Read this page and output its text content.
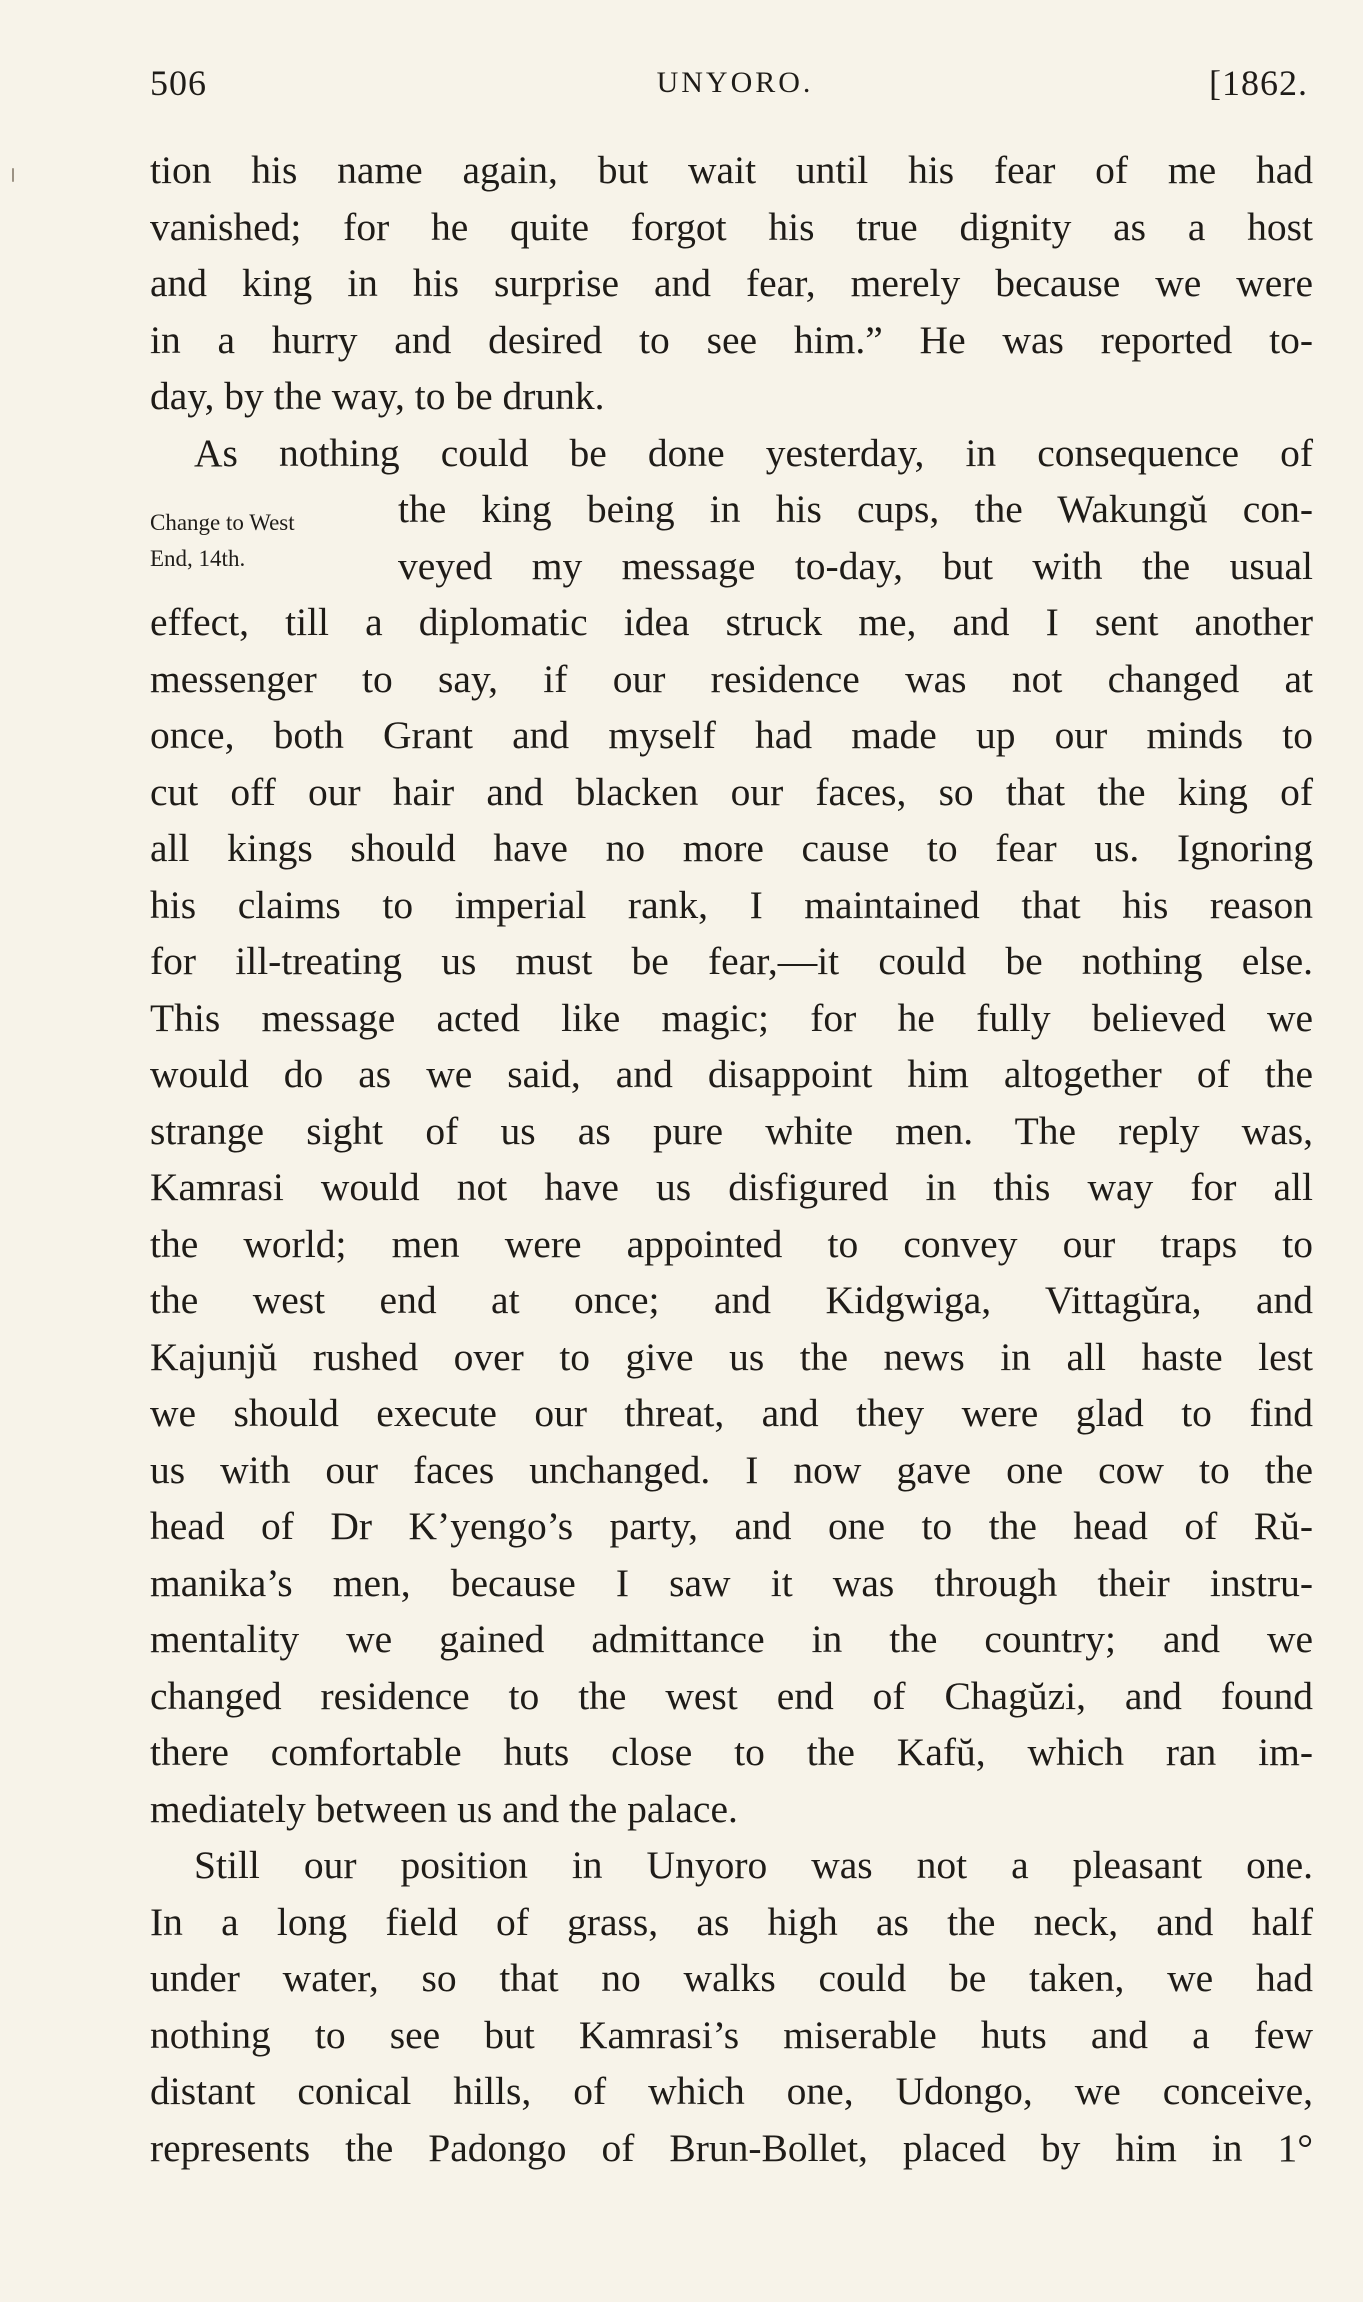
506	UNYORO.	[1862.
Change to West
End, 14th.
tion his name again, but wait until his fear of me had
vanished; for he quite forgot his true dignity as a host
and king in his surprise and fear, merely because we were
in a hurry and desired to see him.” He was reported to-
day, by the way, to be drunk.
As nothing could be done yesterday, in consequence of
the king being in his cups, the Wakungŭ con-
veyed my message to-day, but with the usual
effect, till a diplomatic idea struck me, and I sent another
messenger to say, if our residence was not changed at
once, both Grant and myself had made up our minds to
cut off our hair and blacken our faces, so that the king of
all kings should have no more cause to fear us. Ignoring
his claims to imperial rank, I maintained that his reason
for ill-treating us must be fear,—it could be nothing else.
This message acted like magic; for he fully believed we
would do as we said, and disappoint him altogether of the
strange sight of us as pure white men. The reply was,
Kamrasi would not have us disfigured in this way for all
the world; men were appointed to convey our traps to
the west end at once; and Kidgwiga, Vittagŭra, and
Kajunjŭ rushed over to give us the news in all haste lest
we should execute our threat, and they were glad to find
us with our faces unchanged. I now gave one cow to the
head of Dr K’yengo’s party, and one to the head of Rŭ-
manika’s men, because I saw it was through their instru-
mentality we gained admittance in the country; and we
changed residence to the west end of Chagŭzi, and found
there comfortable huts close to the Kafŭ, which ran im-
mediately between us and the palace.
Still our position in Unyoro was not a pleasant one.
In a long field of grass, as high as the neck, and half
under water, so that no walks could be taken, we had
nothing to see but Kamrasi’s miserable huts and a few
distant conical hills, of which one, Udongo, we conceive,
represents the Padongo of Brun-Bollet, placed by him in 1°
